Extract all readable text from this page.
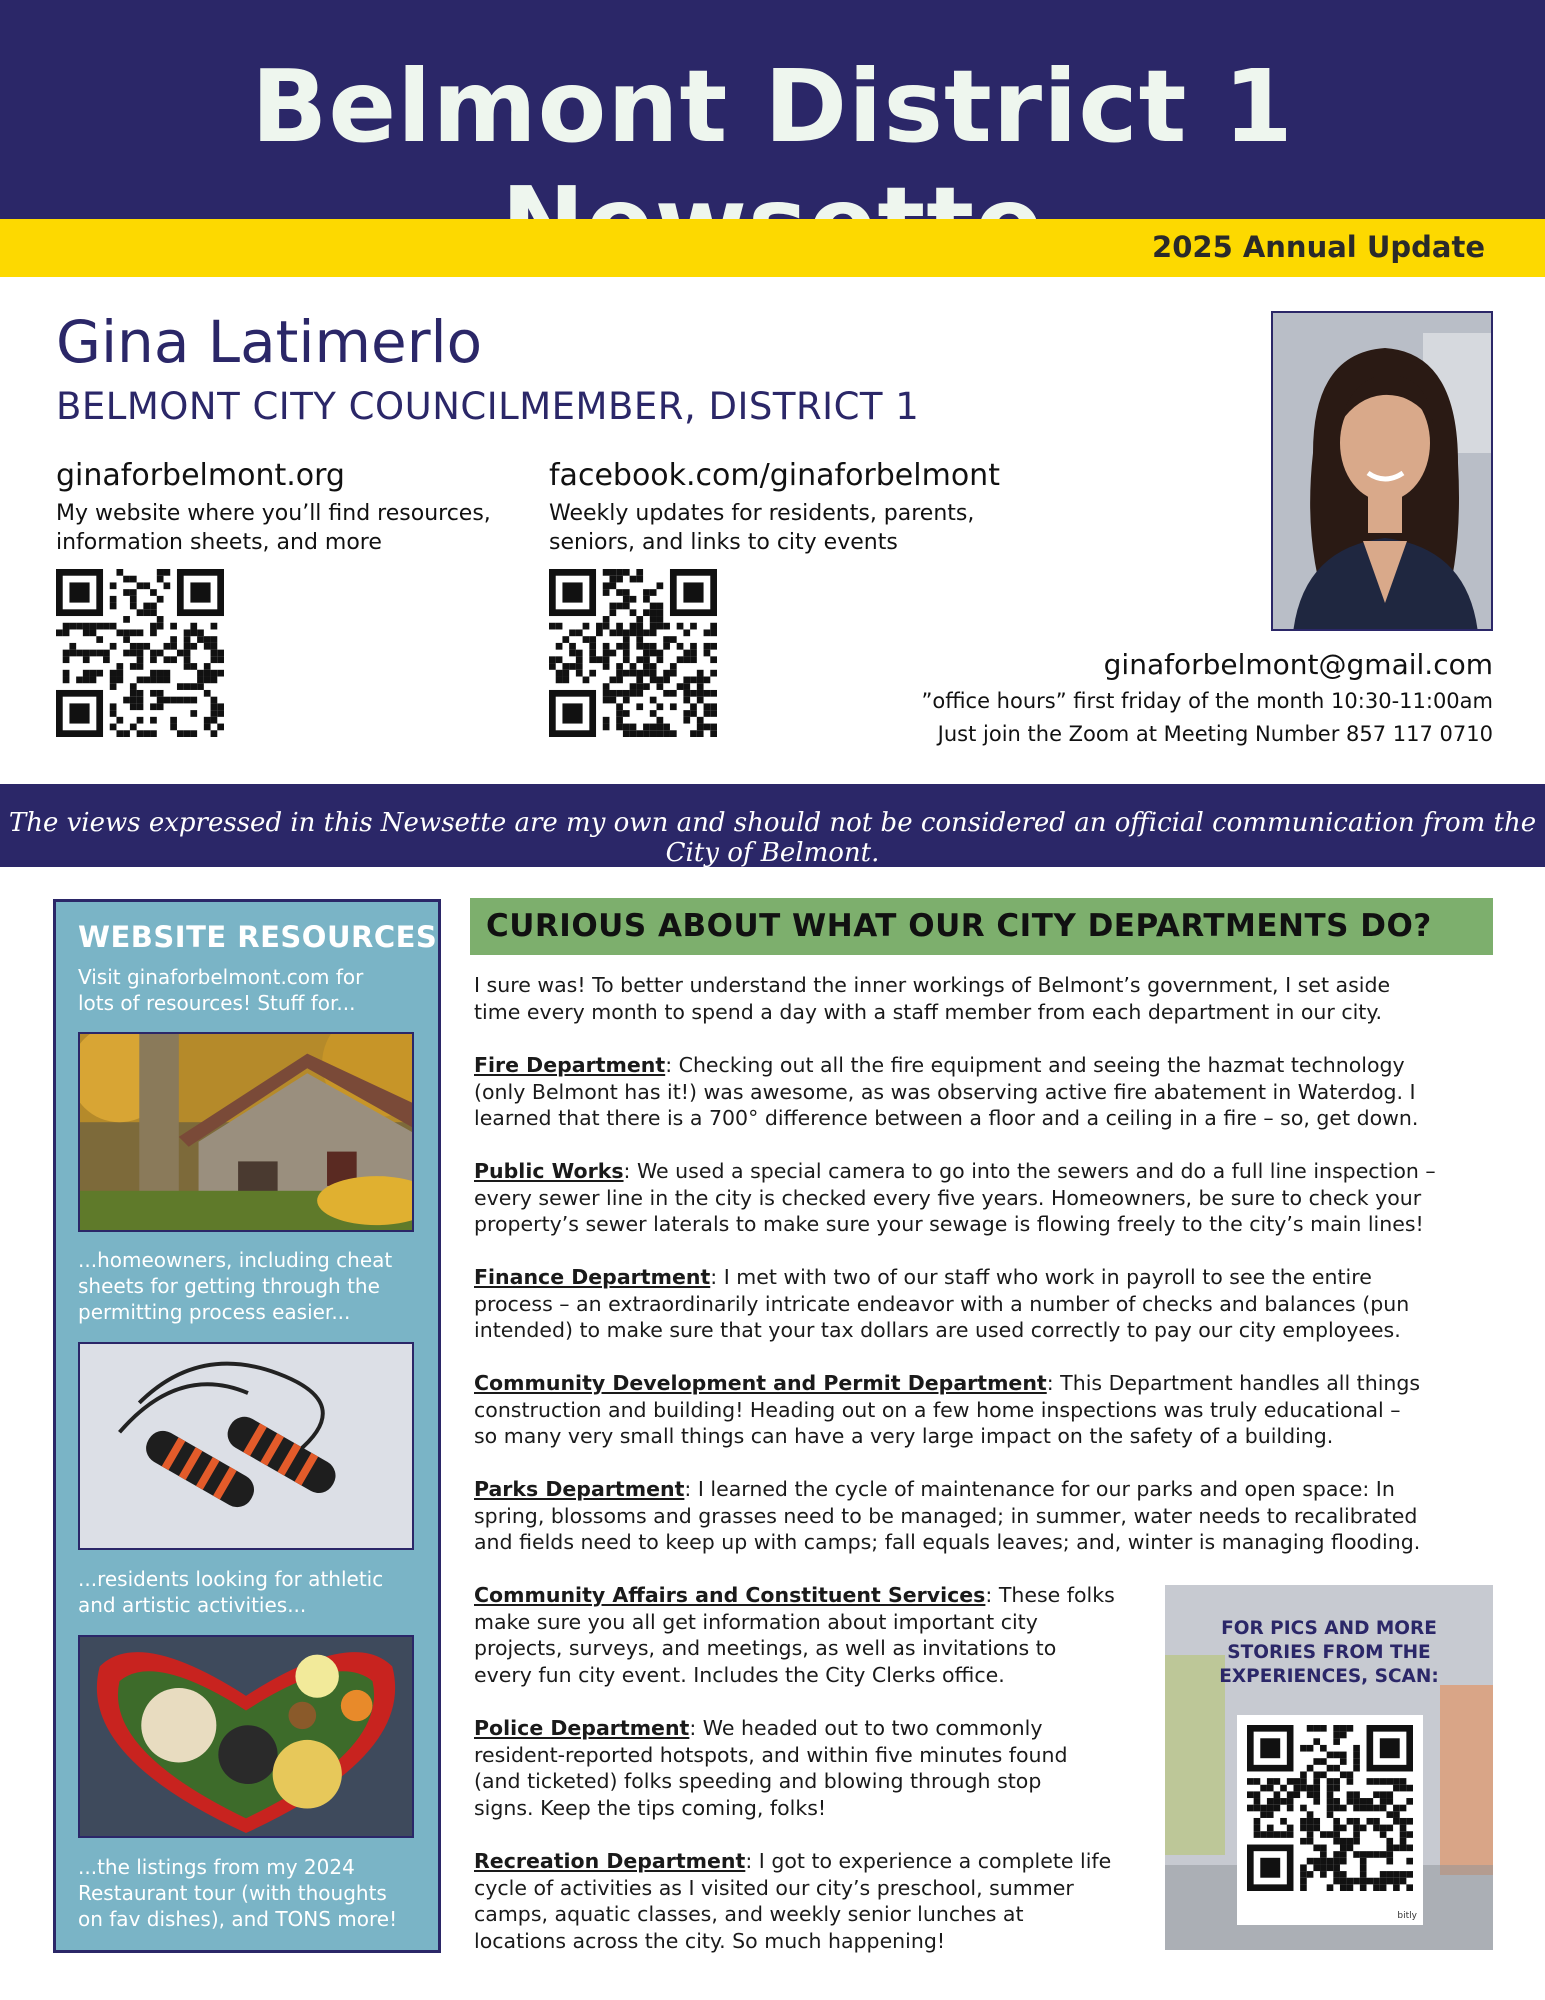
Belmont District 1
2025 Annual Update
Gina Latimerlo
BELMONT CITY COUNCILMEMBER, DISTRICT 1
ginaforbelmont.org
My website where you’ll find resources,
information sheets, and more
facebook.com/ginaforbelmont
Weekly updates for residents, parents,
seniors, and links to city events
ginaforbelmont@gmail.com
”office hours” first friday of the month 10:30-11:00am
Just join the Zoom at Meeting Number 857 117 0710
The views expressed in this Newsette are my own and should not be considered an official communication from the City of Belmont.
WEBSITE RESOURCES
Visit ginaforbelmont.com for
lots of resources! Stuff for...
...homeowners, including cheat
sheets for getting through the
permitting process easier...
...residents looking for athletic
and artistic activities...
...the listings from my 2024
Restaurant tour (with thoughts
on fav dishes), and TONS more!
CURIOUS ABOUT WHAT OUR CITY DEPARTMENTS DO?
I sure was! To better understand the inner workings of Belmont’s government, I set aside
time every month to spend a day with a staff member from each department in our city.
Fire Department: Checking out all the fire equipment and seeing the hazmat technology
(only Belmont has it!) was awesome, as was observing active fire abatement in Waterdog. I
learned that there is a 700° difference between a floor and a ceiling in a fire – so, get down.
Public Works: We used a special camera to go into the sewers and do a full line inspection –
every sewer line in the city is checked every five years. Homeowners, be sure to check your
property’s sewer laterals to make sure your sewage is flowing freely to the city’s main lines!
Finance Department: I met with two of our staff who work in payroll to see the entire
process – an extraordinarily intricate endeavor with a number of checks and balances (pun
intended) to make sure that your tax dollars are used correctly to pay our city employees.
Community Development and Permit Department: This Department handles all things
construction and building! Heading out on a few home inspections was truly educational –
so many very small things can have a very large impact on the safety of a building.
Parks Department: I learned the cycle of maintenance for our parks and open space: In
spring, blossoms and grasses need to be managed; in summer, water needs to recalibrated
and fields need to keep up with camps; fall equals leaves; and, winter is managing flooding.
Community Affairs and Constituent Services: These folks
make sure you all get information about important city
projects, surveys, and meetings, as well as invitations to
every fun city event. Includes the City Clerks office.
Police Department: We headed out to two commonly
resident-reported hotspots, and within five minutes found
(and ticketed) folks speeding and blowing through stop
signs. Keep the tips coming, folks!
Recreation Department: I got to experience a complete life
cycle of activities as I visited our city’s preschool, summer
camps, aquatic classes, and weekly senior lunches at
locations across the city. So much happening!
FOR PICS AND MORE
STORIES FROM THE
EXPERIENCES, SCAN:
bitly
